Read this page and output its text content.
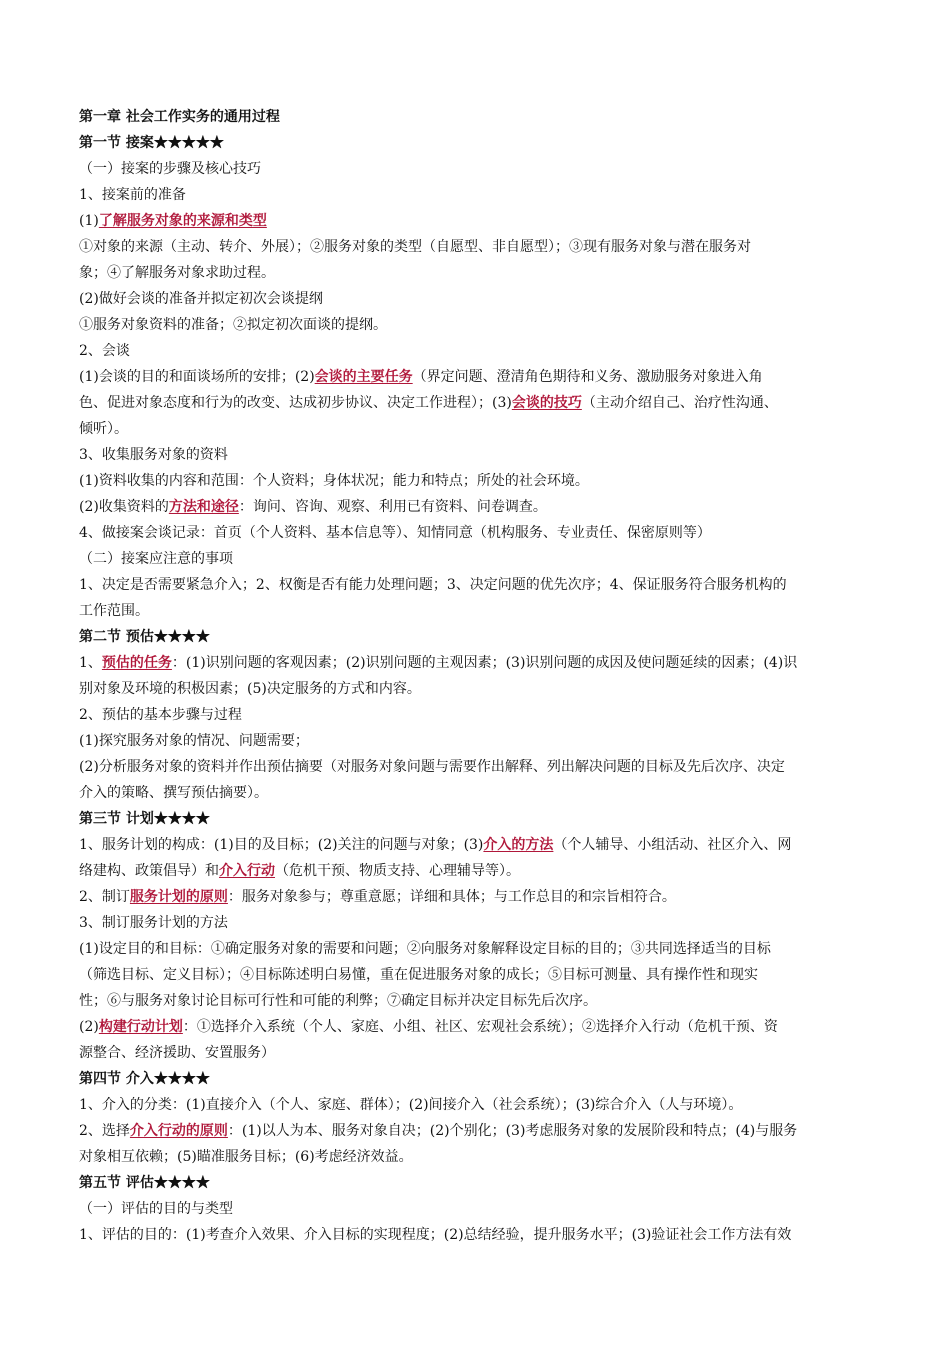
第一章 社会工作实务的通用过程
第一节 接案★★★★★
（一）接案的步骤及核心技巧
1、接案前的准备
(1)了解服务对象的来源和类型
①对象的来源（主动、转介、外展）；②服务对象的类型（自愿型、非自愿型）；③现有服务对象与潜在服务对
象；④了解服务对象求助过程。
(2)做好会谈的准备并拟定初次会谈提纲
①服务对象资料的准备；②拟定初次面谈的提纲。
2、会谈
(1)会谈的目的和面谈场所的安排；(2)会谈的主要任务（界定问题、澄清角色期待和义务、激励服务对象进入角
色、促进对象态度和行为的改变、达成初步协议、决定工作进程）；(3)会谈的技巧（主动介绍自己、治疗性沟通、
倾听）。
3、收集服务对象的资料
(1)资料收集的内容和范围：个人资料；身体状况；能力和特点；所处的社会环境。
(2)收集资料的方法和途径：询问、咨询、观察、利用已有资料、问卷调查。
4、做接案会谈记录：首页（个人资料、基本信息等）、知情同意（机构服务、专业责任、保密原则等）
（二）接案应注意的事项
1、决定是否需要紧急介入；2、权衡是否有能力处理问题；3、决定问题的优先次序；4、保证服务符合服务机构的
工作范围。
第二节 预估★★★★
1、预估的任务：(1)识别问题的客观因素；(2)识别问题的主观因素；(3)识别问题的成因及使问题延续的因素；(4)识
别对象及环境的积极因素；(5)决定服务的方式和内容。
2、预估的基本步骤与过程
(1)探究服务对象的情况、问题需要；
(2)分析服务对象的资料并作出预估摘要（对服务对象问题与需要作出解释、列出解决问题的目标及先后次序、决定
介入的策略、撰写预估摘要）。
第三节 计划★★★★
1、服务计划的构成：(1)目的及目标；(2)关注的问题与对象；(3)介入的方法（个人辅导、小组活动、社区介入、网
络建构、政策倡导）和介入行动（危机干预、物质支持、心理辅导等）。
2、制订服务计划的原则：服务对象参与；尊重意愿；详细和具体；与工作总目的和宗旨相符合。
3、制订服务计划的方法
(1)设定目的和目标：①确定服务对象的需要和问题；②向服务对象解释设定目标的目的；③共同选择适当的目标
（筛选目标、定义目标）；④目标陈述明白易懂，重在促进服务对象的成长；⑤目标可测量、具有操作性和现实
性；⑥与服务对象讨论目标可行性和可能的利弊；⑦确定目标并决定目标先后次序。
(2)构建行动计划：①选择介入系统（个人、家庭、小组、社区、宏观社会系统）；②选择介入行动（危机干预、资
源整合、经济援助、安置服务）
第四节 介入★★★★
1、介入的分类：(1)直接介入（个人、家庭、群体）；(2)间接介入（社会系统）；(3)综合介入（人与环境）。
2、选择介入行动的原则：(1)以人为本、服务对象自决；(2)个别化；(3)考虑服务对象的发展阶段和特点；(4)与服务
对象相互依赖；(5)瞄准服务目标；(6)考虑经济效益。
第五节 评估★★★★
（一）评估的目的与类型
1、评估的目的：(1)考查介入效果、介入目标的实现程度；(2)总结经验，提升服务水平；(3)验证社会工作方法有效
